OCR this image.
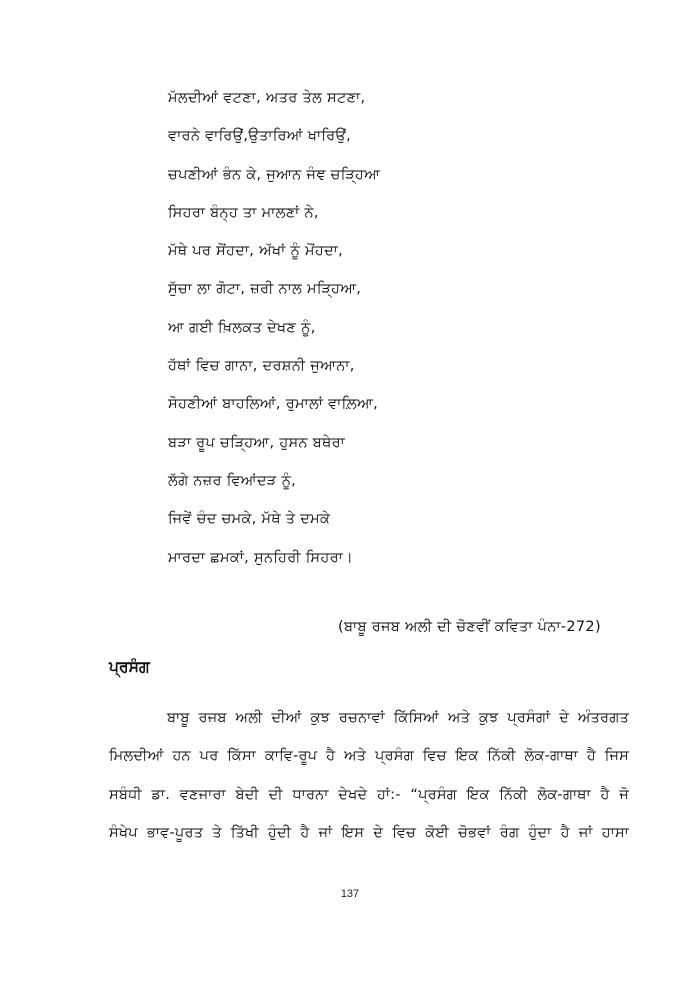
ਮੱਲਦੀਆਂ ਵਟਣਾ, ਅਤਰ ਤੇਲ ਸਟਣਾ,
ਵਾਰਨੇ ਵਾਰਿਉਂ,ਉਤਾਰਿਆਂ ਖਾਰਿਉਂ,
ਚਪਣੀਆਂ ਭੰਨ ਕੇ, ਜੁਆਨ ਜੰਞ ਚੜ੍ਹਿਆ
ਸਿਹਰਾ ਬੰਨ੍ਹ ਤਾ ਮਾਲਣਾਂ ਨੇ,
ਮੱਥੇ ਪਰ ਸੋਂਹਦਾ, ਅੱਖਾਂ ਨੂੰ ਮੋਂਹਦਾ,
ਸੁੱਚਾ ਲਾ ਗੋਟਾ, ਜ਼ਰੀ ਨਾਲ ਮੜ੍ਹਿਆ,
ਆ ਗਈ ਖ਼ਿਲਕਤ ਦੇਖਣ ਨੂੰ,
ਹੱਥਾਂ ਵਿਚ ਗਾਨਾ, ਦਰਸ਼ਨੀ ਜੁਆਨਾ,
ਸੋਹਣੀਆਂ ਬਾਹਲਿਆਂ, ਰੁਮਾਲਾਂ ਵਾਲ਼ਿਆ,
ਬੜਾ ਰੂਪ ਚੜ੍ਹਿਆ, ਹੁਸਨ ਬਥੇਰਾ
ਲੱਗੇ ਨਜ਼ਰ ਵਿਆਂਦੜ ਨੂੰ,
ਜਿਵੇਂ ਚੰਦ ਚਮਕੇ, ਮੱਥੇ ਤੇ ਦਮਕੇ
ਮਾਰਦਾ ਛਮਕਾਂ, ਸੁਨਹਿਰੀ ਸਿਹਰਾ।
(ਬਾਬੂ ਰਜਬ ਅਲੀ ਦੀ ਚੋਣਵੀਂ ਕਵਿਤਾ ਪੰਨਾ-272)
ਪ੍ਰਸੰਗ
ਬਾਬੂ ਰਜਬ ਅਲੀ ਦੀਆਂ ਕੁਝ ਰਚਨਾਵਾਂ ਕਿੱਸਿਆਂ ਅਤੇ ਕੁਝ ਪ੍ਰਸੰਗਾਂ ਦੇ ਅੰਤਰਗਤ
ਮਿਲਦੀਆਂ ਹਨ ਪਰ ਕਿੱਸਾ ਕਾਵਿ-ਰੂਪ ਹੈ ਅਤੇ ਪ੍ਰਸੰਗ ਵਿਚ ਇਕ ਨਿੱਕੀ ਲੋਕ-ਗਾਥਾ ਹੈ ਜਿਸ
ਸਬੰਧੀ ਡਾ. ਵਣਜਾਰਾ ਬੇਦੀ ਦੀ ਧਾਰਨਾ ਦੇਖਦੇ ਹਾਂ:- “ਪ੍ਰਸੰਗ ਇਕ ਨਿੱਕੀ ਲੋਕ-ਗਾਥਾ ਹੈ ਜੋ
ਸੰਖੇਪ ਭਾਵ-ਪੂਰਤ ਤੇ ਤਿੱਖੀ ਹੁੰਦੀ ਹੈ ਜਾਂ ਇਸ ਦੇ ਵਿਚ ਕੋਈ ਚੋਭਵਾਂ ਰੰਗ ਹੁੰਦਾ ਹੈ ਜਾਂ ਹਾਸਾ
137
